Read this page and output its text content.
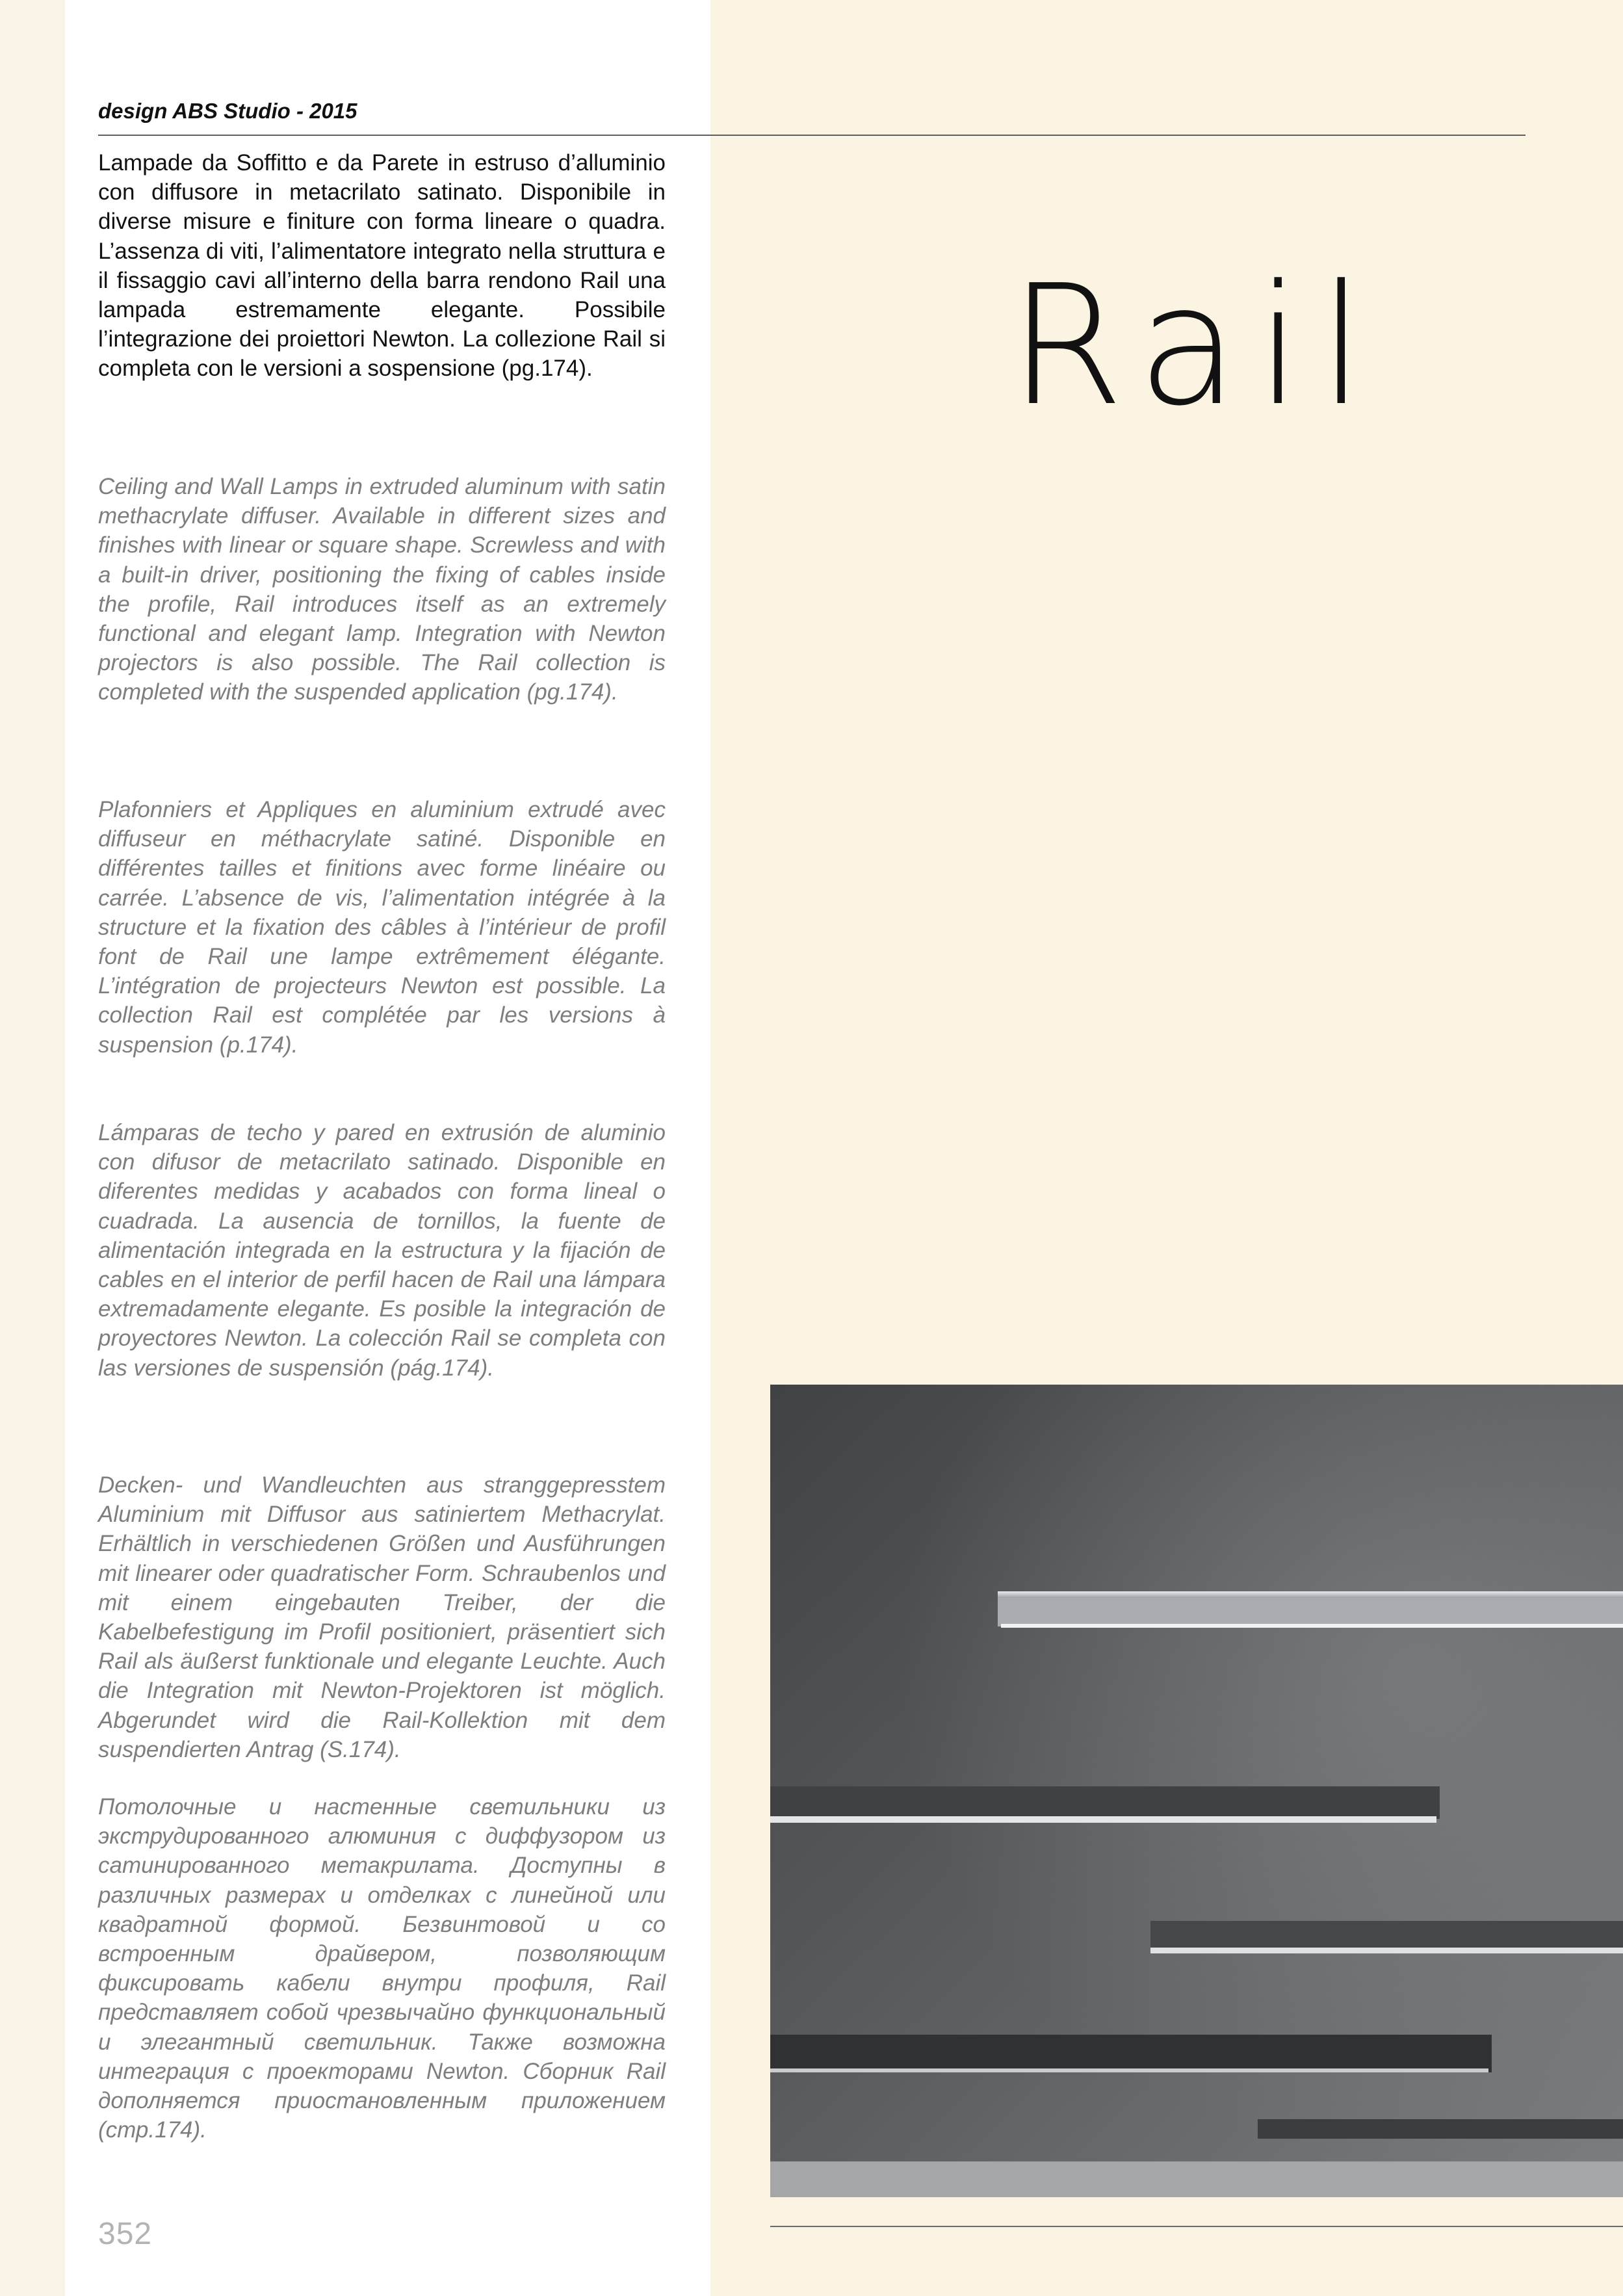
design ABS Studio - 2015

Lampade da Soffitto e da Parete in estruso d’alluminio con diffusore in metacrilato satinato. Disponibile in diverse misure e finiture con forma lineare o quadra. L’assenza di viti, l’alimentatore integrato nella struttura e il fissaggio cavi all’interno della barra rendono Rail una lampada estremamente elegante. Possibile l’integrazione dei proiettori Newton. La collezione Rail si completa con le versioni a sospensione (pg.174).

Ceiling and Wall Lamps in extruded aluminum with satin methacrylate diffuser. Available in different sizes and finishes with linear or square shape. Screwless and with a built-in driver, positioning the fixing of cables inside the profile, Rail introduces itself as an extremely functional and elegant lamp. Integration with Newton projectors is also possible. The Rail collection is completed with the suspended application (pg.174).

Plafonniers et Appliques en aluminium extrudé avec diffuseur en méthacrylate satiné. Disponible en différentes tailles et finitions avec forme linéaire ou carrée. L’absence de vis, l’alimentation intégrée à la structure et la fixation des câbles à l’intérieur de profil font de Rail une lampe extrêmement élégante. L’intégration de projecteurs Newton est possible. La collection Rail est complétée par les versions à suspension (p.174).

Lámparas de techo y pared en extrusión de aluminio con difusor de metacrilato satinado. Disponible en diferentes medidas y acabados con forma lineal o cuadrada. La ausencia de tornillos, la fuente de alimentación integrada en la estructura y la fijación de cables en el interior de perfil hacen de Rail una lámpara extremadamente elegante. Es posible la integración de proyectores Newton. La colección Rail se completa con las versiones de suspensión (pág.174).

Decken- und Wandleuchten aus stranggepresstem Aluminium mit Diffusor aus satiniertem Methacrylat. Erhältlich in verschiedenen Größen und Ausführungen mit linearer oder quadratischer Form. Schraubenlos und mit einem eingebauten Treiber, der die Kabelbefestigung im Profil positioniert, präsentiert sich Rail als äußerst funktionale und elegante Leuchte. Auch die Integration mit Newton-Projektoren ist möglich. Abgerundet wird die Rail-Kollektion mit dem suspendierten Antrag (S.174).

Потолочные и настенные светильники из экструдированного алюминия с диффузором из сатинированного метакрилата. Доступны в различных размерах и отделках с линейной или квадратной формой. Безвинтовой и со встроенным драйвером, позволяющим фиксировать кабели внутри профиля, Rail представляет собой чрезвычайно функциональный и элегантный светильник. Также возможна интеграция с проекторами Newton. Сборник Rail дополняется приостановленным приложением (стр.174).

Rail
352
